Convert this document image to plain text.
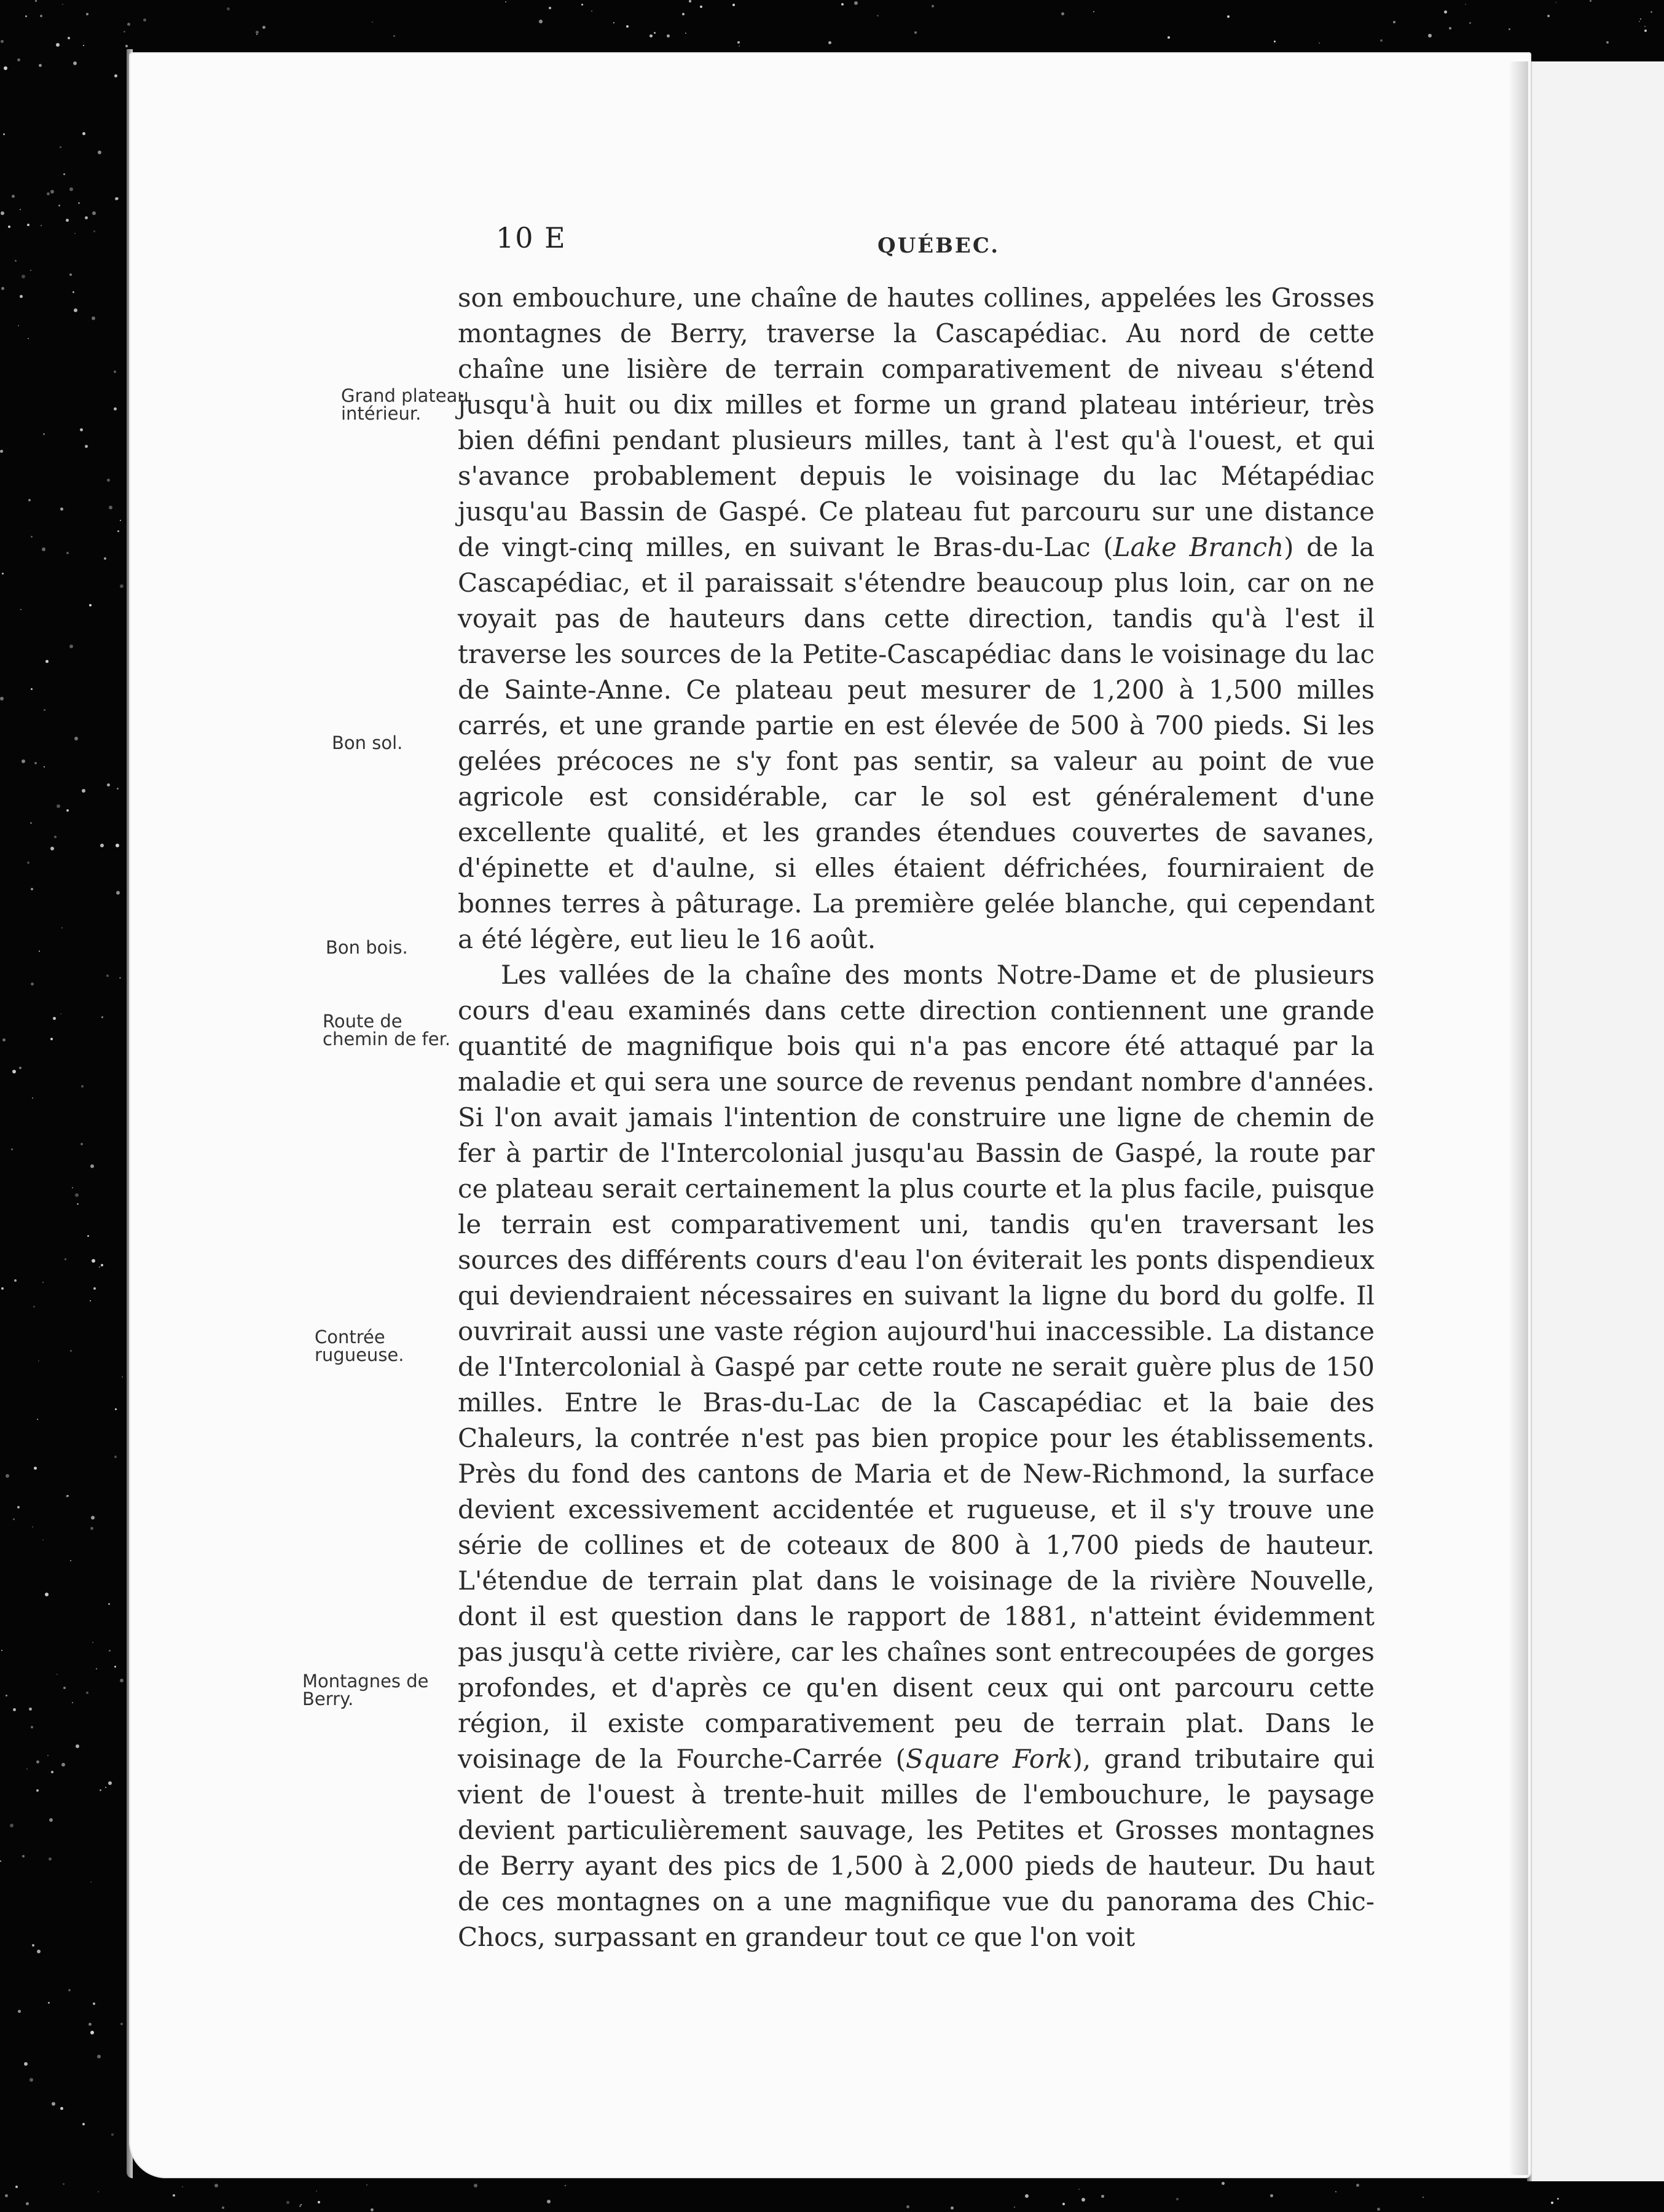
10 E	QUÉBEC.

son embouchure, une chaîne de hautes collines, appelées les Grosses montagnes de Berry, traverse la Cascapédiac. Au nord de cette chaîne une lisière de terrain comparativement de niveau s'étend jusqu'à huit ou dix milles et forme un grand plateau intérieur, très bien défini pendant plusieurs milles, tant à l'est qu'à l'ouest, et qui s'avance probablement depuis le voisinage du lac Métapédiac jusqu'au Bassin de Gaspé. Ce plateau fut parcouru sur une distance de vingt-cinq milles, en suivant le Bras-du-Lac (Lake Branch) de la Cascapédiac, et il paraissait s'étendre beaucoup plus loin, car on ne voyait pas de hauteurs dans cette direction, tandis qu'à l'est il traverse les sources de la Petite-Cascapédiac dans le voisinage du lac de Sainte-Anne. Ce plateau peut mesurer de 1,200 à 1,500 milles carrés, et une grande partie en est élevée de 500 à 700 pieds. Si les gelées précoces ne s'y font pas sentir, sa valeur au point de vue agricole est considérable, car le sol est généralement d'une excellente qualité, et les grandes étendues couvertes de savanes, d'épinette et d'aulne, si elles étaient défrichées, fourniraient de bonnes terres à pâturage. La première gelée blanche, qui cependant a été légère, eut lieu le 16 août.

Les vallées de la chaîne des monts Notre-Dame et de plusieurs cours d'eau examinés dans cette direction contiennent une grande quantité de magnifique bois qui n'a pas encore été attaqué par la maladie et qui sera une source de revenus pendant nombre d'années. Si l'on avait jamais l'intention de construire une ligne de chemin de fer à partir de l'Intercolonial jusqu'au Bassin de Gaspé, la route par ce plateau serait certainement la plus courte et la plus facile, puisque le terrain est comparativement uni, tandis qu'en traversant les sources des différents cours d'eau l'on éviterait les ponts dispendieux qui deviendraient nécessaires en suivant la ligne du bord du golfe. Il ouvrirait aussi une vaste région aujourd'hui inaccessible. La distance de l'Intercolonial à Gaspé par cette route ne serait guère plus de 150 milles. Entre le Bras-du-Lac de la Cascapédiac et la baie des Chaleurs, la contrée n'est pas bien propice pour les établissements. Près du fond des cantons de Maria et de New-Richmond, la surface devient excessivement accidentée et rugueuse, et il s'y trouve une série de collines et de coteaux de 800 à 1,700 pieds de hauteur. L'étendue de terrain plat dans le voisinage de la rivière Nouvelle, dont il est question dans le rapport de 1881, n'atteint évidemment pas jusqu'à cette rivière, car les chaînes sont entrecoupées de gorges profondes, et d'après ce qu'en disent ceux qui ont parcouru cette région, il existe comparativement peu de terrain plat. Dans le voisinage de la Fourche-Carrée (Square Fork), grand tributaire qui vient de l'ouest à trente-huit milles de l'embouchure, le paysage devient particulièrement sauvage, les Petites et Grosses montagnes de Berry ayant des pics de 1,500 à 2,000 pieds de hauteur. Du haut de ces montagnes on a une magnifique vue du panorama des Chic-Chocs, surpassant en grandeur tout ce que l'on voit

Grand plateau intérieur.
Bon sol.
Bon bois.
Route de chemin de fer.
Contrée rugueuse.
Montagnes de Berry.
